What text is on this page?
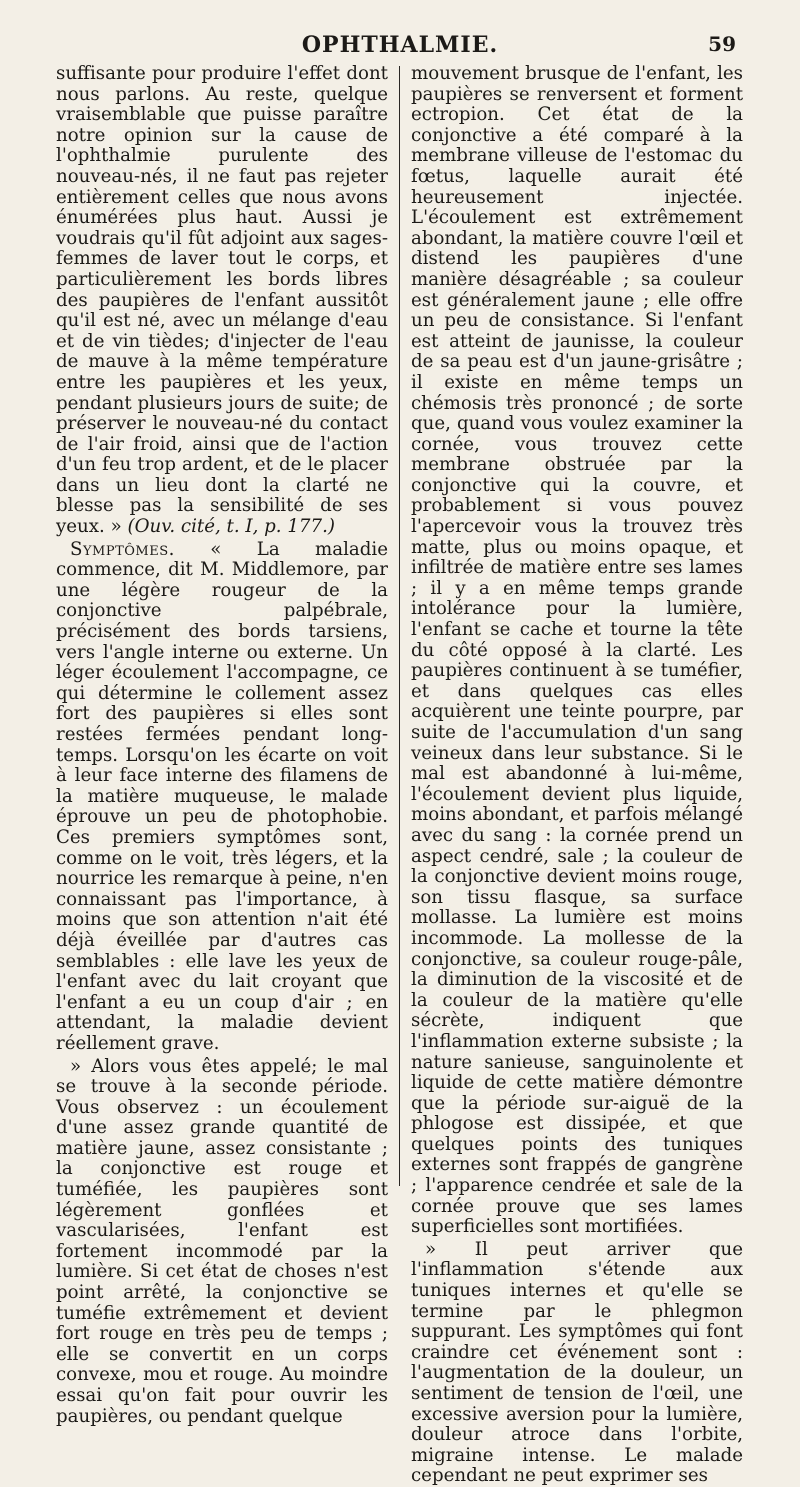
OPHTHALMIE.	59

suffisante pour produire l'effet dont nous parlons. Au reste, quelque vraisemblable que puisse paraître notre opinion sur la cause de l'ophthalmie purulente des nouveau-nés, il ne faut pas rejeter entièrement celles que nous avons énumérées plus haut. Aussi je voudrais qu'il fût adjoint aux sages-femmes de laver tout le corps, et particulièrement les bords libres des paupières de l'enfant aussitôt qu'il est né, avec un mélange d'eau et de vin tièdes; d'injecter de l'eau de mauve à la même température entre les paupières et les yeux, pendant plusieurs jours de suite; de préserver le nouveau-né du contact de l'air froid, ainsi que de l'action d'un feu trop ardent, et de le placer dans un lieu dont la clarté ne blesse pas la sensibilité de ses yeux. » (Ouv. cité, t. I, p. 177.)

Symptômes. « La maladie commence, dit M. Middlemore, par une légère rougeur de la conjonctive palpébrale, précisément des bords tarsiens, vers l'angle interne ou externe. Un léger écoulement l'accompagne, ce qui détermine le collement assez fort des paupières si elles sont restées fermées pendant long-temps. Lorsqu'on les écarte on voit à leur face interne des filamens de la matière muqueuse, le malade éprouve un peu de photophobie. Ces premiers symptômes sont, comme on le voit, très légers, et la nourrice les remarque à peine, n'en connaissant pas l'importance, à moins que son attention n'ait été déjà éveillée par d'autres cas semblables : elle lave les yeux de l'enfant avec du lait croyant que l'enfant a eu un coup d'air ; en attendant, la maladie devient réellement grave.

» Alors vous êtes appelé; le mal se trouve à la seconde période. Vous observez : un écoulement d'une assez grande quantité de matière jaune, assez consistante ; la conjonctive est rouge et tuméfiée, les paupières sont légèrement gonflées et vascularisées, l'enfant est fortement incommodé par la lumière. Si cet état de choses n'est point arrêté, la conjonctive se tuméfie extrêmement et devient fort rouge en très peu de temps ; elle se convertit en un corps convexe, mou et rouge. Au moindre essai qu'on fait pour ouvrir les paupières, ou pendant quelque

mouvement brusque de l'enfant, les paupières se renversent et forment ectropion. Cet état de la conjonctive a été comparé à la membrane villeuse de l'estomac du fœtus, laquelle aurait été heureusement injectée. L'écoulement est extrêmement abondant, la matière couvre l'œil et distend les paupières d'une manière désagréable ; sa couleur est généralement jaune ; elle offre un peu de consistance. Si l'enfant est atteint de jaunisse, la couleur de sa peau est d'un jaune-grisâtre ; il existe en même temps un chémosis très prononcé ; de sorte que, quand vous voulez examiner la cornée, vous trouvez cette membrane obstruée par la conjonctive qui la couvre, et probablement si vous pouvez l'apercevoir vous la trouvez très matte, plus ou moins opaque, et infiltrée de matière entre ses lames ; il y a en même temps grande intolérance pour la lumière, l'enfant se cache et tourne la tête du côté opposé à la clarté. Les paupières continuent à se tuméfier, et dans quelques cas elles acquièrent une teinte pourpre, par suite de l'accumulation d'un sang veineux dans leur substance. Si le mal est abandonné à lui-même, l'écoulement devient plus liquide, moins abondant, et parfois mélangé avec du sang : la cornée prend un aspect cendré, sale ; la couleur de la conjonctive devient moins rouge, son tissu flasque, sa surface mollasse. La lumière est moins incommode. La mollesse de la conjonctive, sa couleur rouge-pâle, la diminution de la viscosité et de la couleur de la matière qu'elle sécrète, indiquent que l'inflammation externe subsiste ; la nature sanieuse, sanguinolente et liquide de cette matière démontre que la période sur-aiguë de la phlogose est dissipée, et que quelques points des tuniques externes sont frappés de gangrène ; l'apparence cendrée et sale de la cornée prouve que ses lames superficielles sont mortifiées.

» Il peut arriver que l'inflammation s'étende aux tuniques internes et qu'elle se termine par le phlegmon suppurant. Les symptômes qui font craindre cet événement sont : l'augmentation de la douleur, un sentiment de tension de l'œil, une excessive aversion pour la lumière, douleur atroce dans l'orbite, migraine intense. Le malade cependant ne peut exprimer ses
